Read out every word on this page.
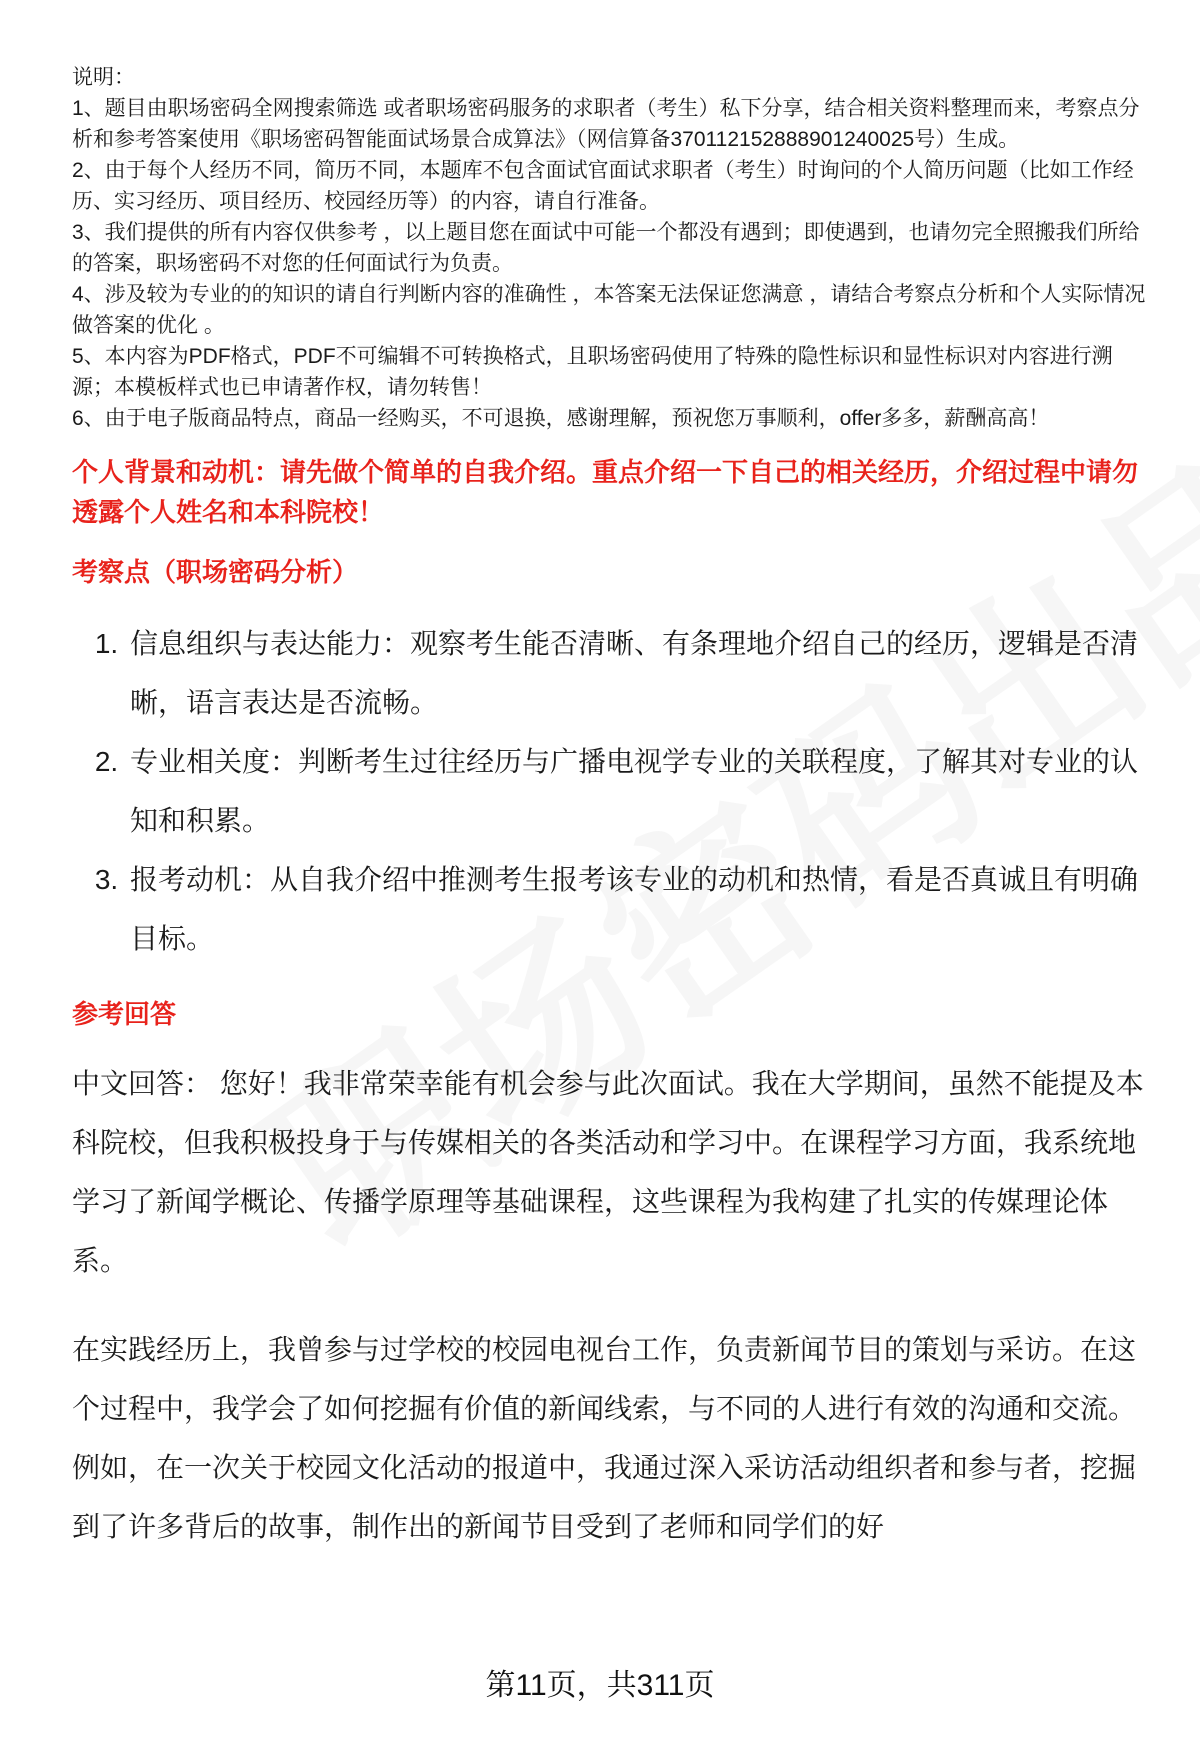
说明：

1、题目由职场密码全网搜索筛选 或者职场密码服务的求职者（考生）私下分享，结合相关资料整理而来，考察点分析和参考答案使用《职场密码智能面试场景合成算法》（网信算备370112152888901240025号）生成。

2、由于每个人经历不同，简历不同，本题库不包含面试官面试求职者（考生）时询问的个人简历问题（比如工作经历、实习经历、项目经历、校园经历等）的内容，请自行准备。

3、我们提供的所有内容仅供参考 ，以上题目您在面试中可能一个都没有遇到；即使遇到，也请勿完全照搬我们所给的答案，职场密码不对您的任何面试行为负责。

4、涉及较为专业的的知识的请自行判断内容的准确性 ，本答案无法保证您满意 ，请结合考察点分析和个人实际情况做答案的优化 。

5、本内容为PDF格式，PDF不可编辑不可转换格式，且职场密码使用了特殊的隐性标识和显性标识对内容进行溯源；本模板样式也已申请著作权，请勿转售！

6、由于电子版商品特点，商品一经购买，不可退换，感谢理解，预祝您万事顺利，offer多多，薪酬高高！

个人背景和动机：请先做个简单的自我介绍。重点介绍一下自己的相关经历，介绍过程中请勿透露个人姓名和本科院校！
考察点（职场密码分析）
1. 信息组织与表达能力：观察考生能否清晰、有条理地介绍自己的经历，逻辑是否清晰，语言表达是否流畅。
2. 专业相关度：判断考生过往经历与广播电视学专业的关联程度，了解其对专业的认知和积累。
3. 报考动机：从自我介绍中推测考生报考该专业的动机和热情，看是否真诚且有明确目标。
参考回答

中文回答： 您好！我非常荣幸能有机会参与此次面试。我在大学期间，虽然不能提及本科院校，但我积极投身于与传媒相关的各类活动和学习中。在课程学习方面，我系统地学习了新闻学概论、传播学原理等基础课程，这些课程为我构建了扎实的传媒理论体系。

在实践经历上，我曾参与过学校的校园电视台工作，负责新闻节目的策划与采访。在这个过程中，我学会了如何挖掘有价值的新闻线索，与不同的人进行有效的沟通和交流。例如，在一次关于校园文化活动的报道中，我通过深入采访活动组织者和参与者，挖掘到了许多背后的故事，制作出的新闻节目受到了老师和同学们的好

第11页，共311页
